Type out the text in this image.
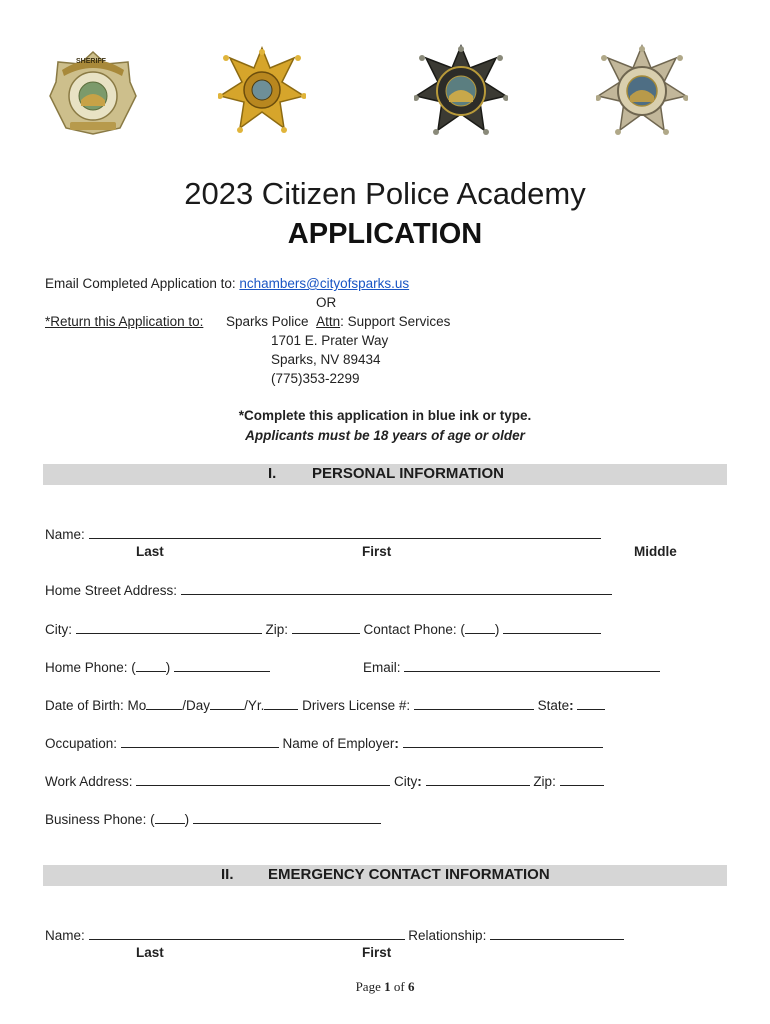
SHERIFF
2023 Citizen Police Academy
APPLICATION
Email Completed Application to: nchambers@cityofsparks.us
OR
*Return this Application to: Sparks Police Attn: Support Services
1701 E. Prater Way
Sparks, NV 89434
(775)353-2299
*Complete this application in blue ink or type.
Applicants must be 18 years of age or older
I. PERSONAL INFORMATION
Name:
Last	First	Middle
Home Street Address:
City:	Zip:	Contact Phone: ( )
Home Phone: ( )	Email:
Date of Birth: Mo	/Day	/Yr.	Drivers License #:	State:
Occupation:	Name of Employer:
Work Address:	City:	Zip:
Business Phone: ( )
II. EMERGENCY CONTACT INFORMATION
Name:	Relationship:
Last	First
Page 1 of 6
